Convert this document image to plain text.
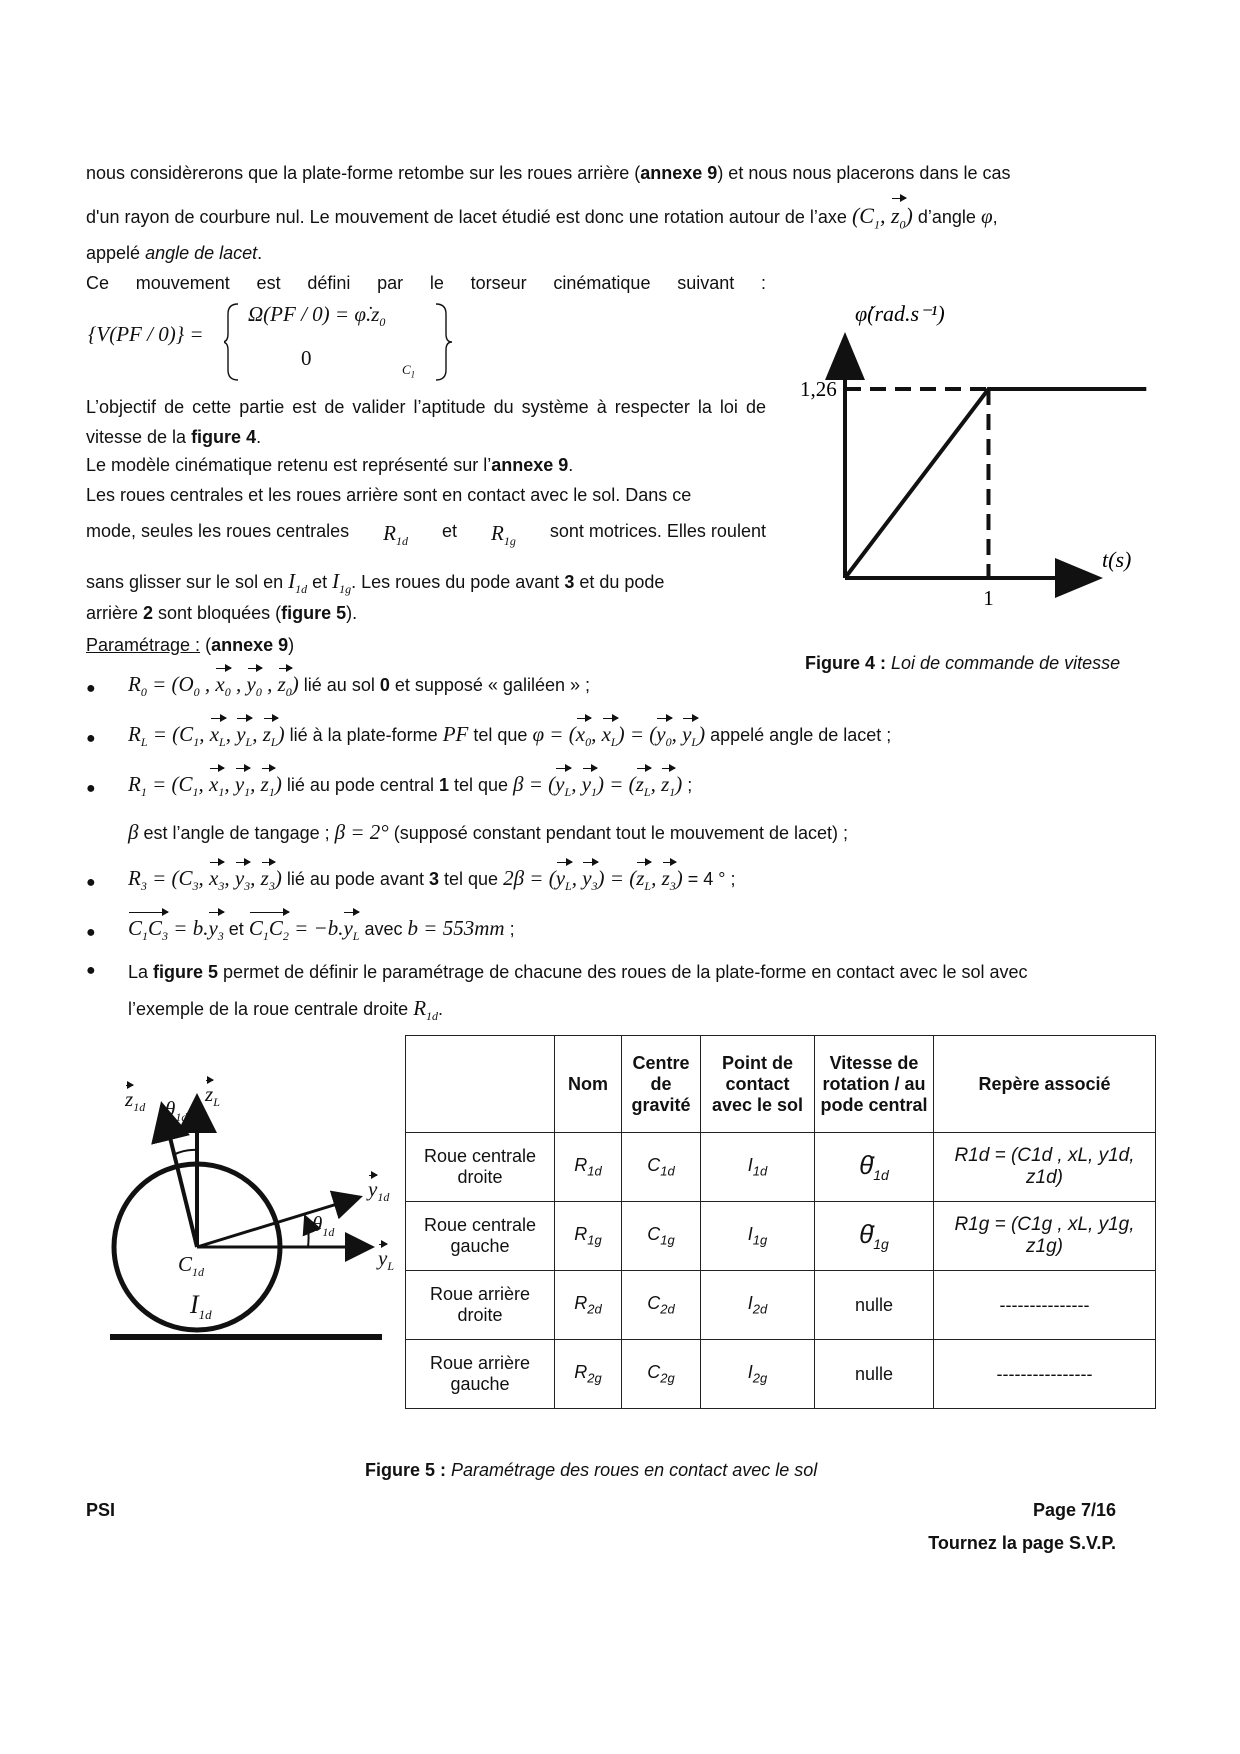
nous considèrerons que la plate-forme retombe sur les roues arrière (annexe 9) et nous nous placerons dans le cas
d'un rayon de courbure nul. Le mouvement de lacet étudié est donc une rotation autour de l’axe ($C_1$, $z_0$) d’angle φ,
appelé angle de lacet.
Ce mouvement est défini par le torseur cinématique suivant :
{V(PF / 0)} =
$\Omega(PF / 0) = \varphi̇.z_0$
0	$C_1$
L’objectif de cette partie est de valider l’aptitude du système à respecter la loi de vitesse de la figure 4.
Le modèle cinématique retenu est représenté sur l’annexe 9.
Les roues centrales et les roues arrière sont en contact avec le sol. Dans ce
mode, seules les roues centrales $R_{1d}$
et $R_{1g}$
sont motrices. Elles roulent
sans glisser sur le sol en $I_{1d}$ et $I_{1g}$. Les roues du pode avant 3 et du pode
arrière 2 sont bloquées (figure 5).
Paramétrage : (annexe 9)
φ̇(rad.s⁻¹)
t(s)
1,26
1
Figure 4 : Loi de commande de vitesse
● $R_0 = (O_0$ , $x_0$ , $y_0$ , $z_0$) lié au sol 0 et supposé « galiléen » ;
● $R_L = (C_1$, $x_L$, $y_L$, $z_L$) lié à la plate-forme PF tel que $\varphi = (x_0$, $x_L) = (y_0$, $y_L$) appelé angle de lacet ;
● $R_1 = (C_1$, $x_1$, $y_1$, $z_1$) lié au pode central 1 tel que $\beta = (y_L$, $y_1) = (z_L$, $z_1$) ;
β est l’angle de tangage ; β = 2° (supposé constant pendant tout le mouvement de lacet) ;
● $R_3 = (C_3$, $x_3$, $y_3$, $z_3$) lié au pode avant 3 tel que $2\beta = (y_L$, $y_3) = (z_L$, $z_3) = 4$ ° ;
● $C_1C_3 = b.y_3$ et $C_1C_2 = -b.y_L$ avec b = 553mm ;
● La figure 5 permet de définir le paramétrage de chacune des roues de la plate-forme en contact avec le sol avec
l’exemple de la roue centrale droite $R_{1d}$.
$z_{1d}$ $\theta_{1d}$
$z_L$
$y_{1d}$
$\theta_{1d}$
$y_L$
$C_{1d}$
$I_{1d}$
	Nom	Centre de gravité	Point de contact avec le sol	Vitesse de rotation / au pode central	Repère associé
Roue centrale droite	$R_{1d}$	$C_{1d}$	$I_{1d}$	$\thetȧ_{1d}$	R1d = (C1d , xL, y1d, z1d)
Roue centrale gauche	$R_{1g}$	$C_{1g}$	$I_{1g}$	$\thetȧ_{1g}$	R1g = (C1g , xL, y1g, z1g)
Roue arrière droite	$R_{2d}$	$C_{2d}$	$I_{2d}$	nulle	---------------
Roue arrière gauche	$R_{2g}$	$C_{2g}$	$I_{2g}$	nulle	----------------
Figure 5 : Paramétrage des roues en contact avec le sol
PSI	Page 7/16
Tournez la page S.V.P.
